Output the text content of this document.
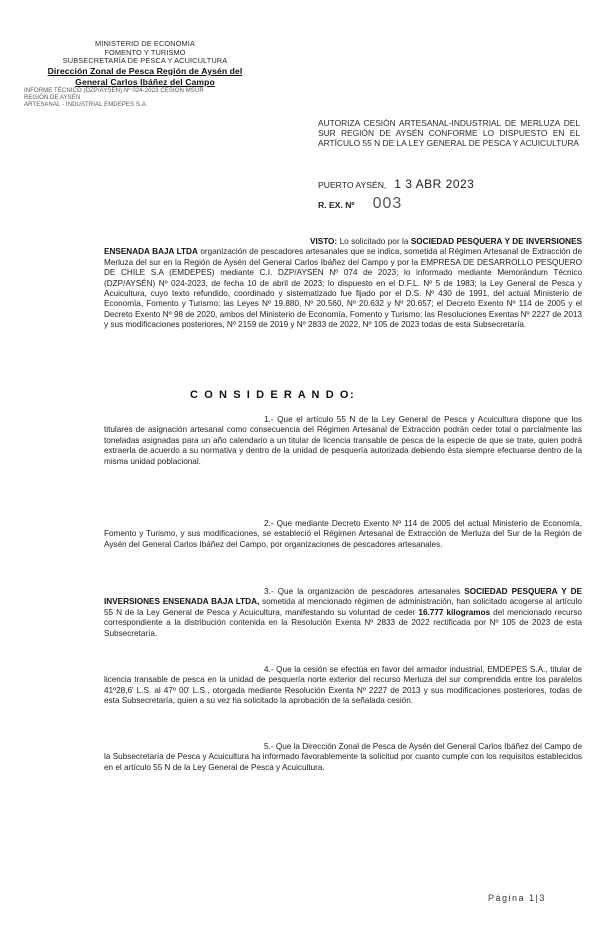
MINISTERIO DE ECONOMIA
FOMENTO Y TURISMO
SUBSECRETARÍA DE PESCA Y ACUICULTURA
Dirección Zonal de Pesca Región de Aysén del
General Carlos Ibáñez del Campo
INFORME TÉCNICO (DZP/AYSÉN) Nº 024-2023 CESIÓN MSUR
REGIÓN DE AYSÉN
ARTESANAL - INDUSTRIAL EMDEPES S.A.
AUTORIZA CESIÓN ARTESANAL-INDUSTRIAL DE MERLUZA DEL SUR REGIÓN DE AYSÉN CONFORME LO DISPUESTO EN EL ARTÍCULO 55 N DE LA LEY GENERAL DE PESCA Y ACUICULTURA
PUERTO AYSÉN, 1 3 ABR 2023
R. EX. Nº 003
VISTO: Lo solicitado por la SOCIEDAD PESQUERA Y DE INVERSIONES ENSENADA BAJA LTDA organización de pescadores artesanales que se indica, sometida al Régimen Artesanal de Extracción de Merluza del sur en la Región de Aysén del General Carlos Ibáñez del Campo y por la EMPRESA DE DESARROLLO PESQUERO DE CHILE S.A (EMDEPES) mediante C.I. DZP/AYSÉN Nº 074 de 2023; lo informado mediante Memorándum Técnico (DZP/AYSÉN) Nº 024-2023, de fecha 10 de abril de 2023; lo dispuesto en el D.F.L. Nº 5 de 1983; la Ley General de Pesca y Acuicultura, cuyo texto refundido, coordinado y sistematizado fue fijado por el D.S. Nº 430 de 1991, del actual Ministerio de Economía, Fomento y Turismo; las Leyes Nº 19.880, Nº 20.560, Nº 20.632 y Nº 20.657; el Decreto Exento Nº 114 de 2005 y el Decreto Exento Nº 98 de 2020, ambos del Ministerio de Economía, Fomento y Turismo; las Resoluciones Exentas Nº 2227 de 2013 y sus modificaciones posteriores, Nº 2159 de 2019 y Nº 2833 de 2022, Nº 105 de 2023 todas de esta Subsecretaría.
C O N S I D E R A N D O:
1.- Que el artículo 55 N de la Ley General de Pesca y Acuicultura dispone que los titulares de asignación artesanal como consecuencia del Régimen Artesanal de Extracción podrán ceder total o parcialmente las toneladas asignadas para un año calendario a un titular de licencia transable de pesca de la especie de que se trate, quien podrá extraerla de acuerdo a su normativa y dentro de la unidad de pesquería autorizada debiendo ésta siempre efectuarse dentro de la misma unidad poblacional.
2.- Que mediante Decreto Exento Nº 114 de 2005 del actual Ministerio de Economía, Fomento y Turismo, y sus modificaciones, se estableció el Régimen Artesanal de Extracción de Merluza del Sur de la Región de Aysén del General Carlos Ibáñez del Campo, por organizaciones de pescadores artesanales.
3.- Que la organización de pescadores artesanales SOCIEDAD PESQUERA Y DE INVERSIONES ENSENADA BAJA LTDA, sometida al mencionado régimen de administración, han solicitado acogerse al artículo 55 N de la Ley General de Pesca y Acuicultura, manifestando su voluntad de ceder 16.777 kilogramos del mencionado recurso correspondiente a la distribución contenida en la Resolución Exenta Nº 2833 de 2022 rectificada por Nº 105 de 2023 de esta Subsecretaría.
4.- Que la cesión se efectúa en favor del armador industrial, EMDEPES S.A., titular de licencia transable de pesca en la unidad de pesquería norte exterior del recurso Merluza del sur comprendida entre los paralelos 41º28,6' L.S. al 47º 00' L.S., otorgada mediante Resolución Exenta Nº 2227 de 2013 y sus modificaciones posteriores, todas de esta Subsecretaría, quien a su vez ha solicitado la aprobación de la señalada cesión.
5.- Que la Dirección Zonal de Pesca de Aysén del General Carlos Ibáñez del Campo de la Subsecretaría de Pesca y Acuicultura ha informado favorablemente la solicitud por cuanto cumple con los requisitos establecidos en el artículo 55 N de la Ley General de Pesca y Acuicultura.
Página 1|3
